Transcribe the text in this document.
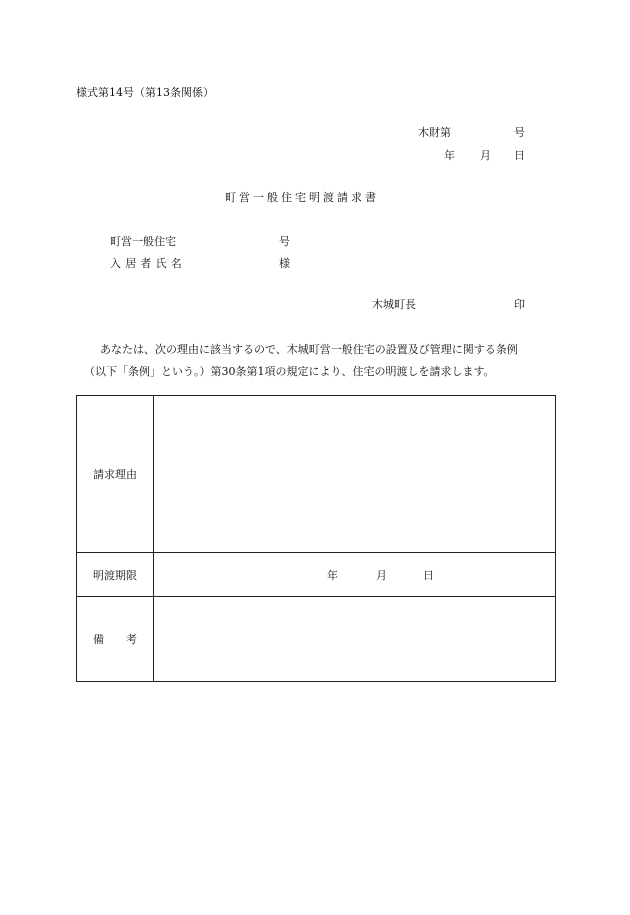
様式第14号（第13条関係）
木財第	号
年 月 日
町営一般住宅明渡請求書
町営一般住宅	号
入居者氏名	様
木城町長	印
あなたは、次の理由に該当するので、木城町営一般住宅の設置及び管理に関する条例
（以下「条例」という。）第30条第1項の規定により、住宅の明渡しを請求します。
請求理由	
明渡期限	年 月 日

備考	
